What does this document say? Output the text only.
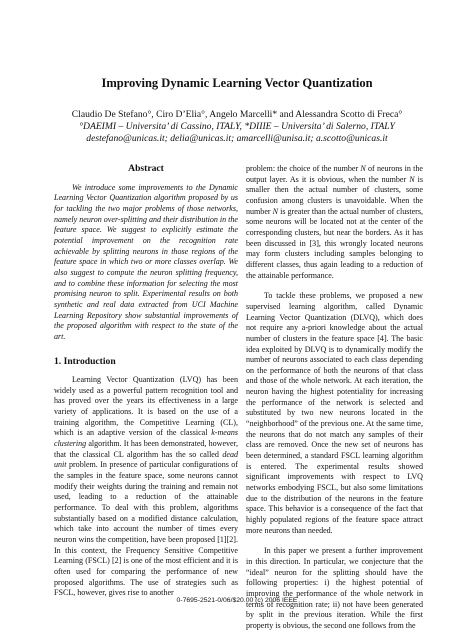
Improving Dynamic Learning Vector Quantization
Claudio De Stefano°, Ciro D’Elia°, Angelo Marcelli* and Alessandra Scotto di Freca°
°DAEIMI – Universita’ di Cassino, ITALY, *DIIIE – Universita’ di Salerno, ITALY
destefano@unicas.it; delia@unicas.it; amarcelli@unisa.it; a.scotto@unicas.it
Abstract

We introduce some improvements to the Dynamic Learning Vector Quantization algorithm proposed by us for tackling the two major problems of those networks, namely neuron over-splitting and their distribution in the feature space. We suggest to explicitly estimate the potential improvement on the recognition rate achievable by splitting neurons in those regions of the feature space in which two or more classes overlap. We also suggest to compute the neuron splitting frequency, and to combine these information for selecting the most promising neuron to split. Experimental results on both synthetic and real data extracted from UCI Machine Learning Repository show substantial improvements of the proposed algorithm with respect to the state of the art.

1. Introduction

Learning Vector Quantization (LVQ) has been widely used as a powerful pattern recognition tool and has proved over the years its effectiveness in a large variety of applications. It is based on the use of a training algorithm, the Competitive Learning (CL), which is an adaptive version of the classical k-means clustering algorithm. It has been demonstrated, however, that the classical CL algorithm has the so called dead unit problem. In presence of particular configurations of the samples in the feature space, some neurons cannot modify their weights during the training and remain not used, leading to a reduction of the attainable performance. To deal with this problem, algorithms substantially based on a modified distance calculation, which take into account the number of times every neuron wins the competition, have been proposed [1][2]. In this context, the Frequency Sensitive Competitive Learning (FSCL) [2] is one of the most efficient and it is often used for comparing the performance of new proposed algorithms. The use of strategies such as FSCL, however, gives rise to another

problem: the choice of the number N of neurons in the output layer. As it is obvious, when the number N is smaller then the actual number of clusters, some confusion among clusters is unavoidable. When the number N is greater than the actual number of clusters, some neurons will be located not at the center of the corresponding clusters, but near the borders. As it has been discussed in [3], this wrongly located neurons may form clusters including samples belonging to different classes, thus again leading to a reduction of the attainable performance.

To tackle these problems, we proposed a new supervised learning algorithm, called Dynamic Learning Vector Quantization (DLVQ), which does not require any a-priori knowledge about the actual number of clusters in the feature space [4]. The basic idea exploited by DLVQ is to dynamically modify the number of neurons associated to each class depending on the performance of both the neurons of that class and those of the whole network. At each iteration, the neuron having the highest potentiality for increasing the performance of the network is selected and substituted by two new neurons located in the “neighborhood” of the previous one. At the same time, the neurons that do not match any samples of their class are removed. Once the new set of neurons has been determined, a standard FSCL learning algorithm is entered. The experimental results showed significant improvements with respect to LVQ networks embodying FSCL, but also some limitations due to the distribution of the neurons in the feature space. This behavior is a consequence of the fact that highly populated regions of the feature space attract more neurons than needed.

In this paper we present a further improvement in this direction. In particular, we conjecture that the “ideal” neuron for the splitting should have the following properties: i) the highest potential of improving the performance of the whole network in terms of recognition rate; ii) not have been generated by split in the previous iteration. While the first property is obvious, the second one follows from the

0-7695-2521-0/06/$20.00 (c) 2006 IEEE
